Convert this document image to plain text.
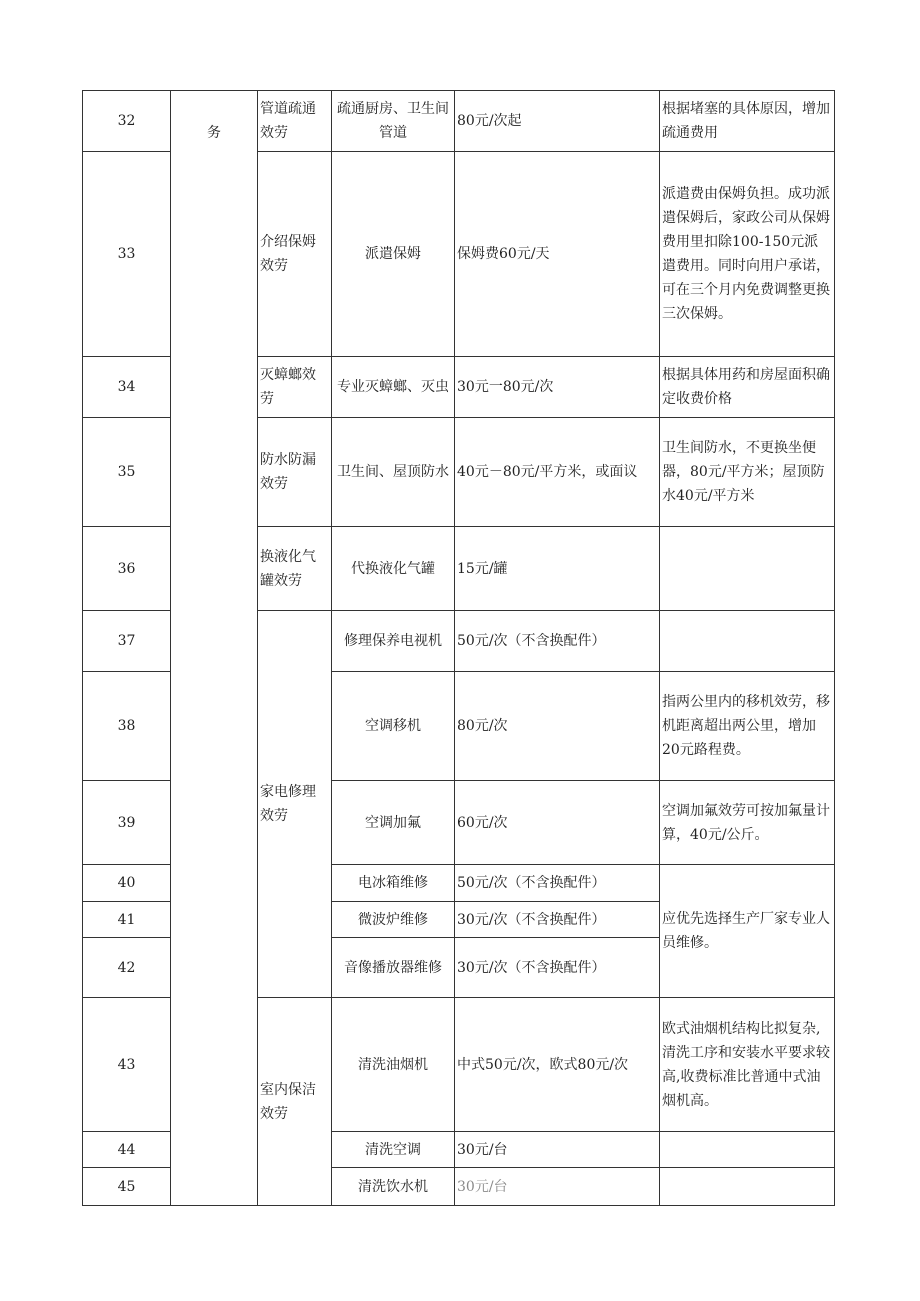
32	务	管道疏通效劳	疏通厨房、卫生间管道	80元/次起	根据堵塞的具体原因，增加疏通费用
33		介绍保姆效劳	派遣保姆	保姆费60元/天	派遣费由保姆负担。成功派遣保姆后，家政公司从保姆费用里扣除100-150元派遣费用。同时向用户承诺，可在三个月内免费调整更换三次保姆。
34		灭蟑螂效劳	专业灭蟑螂、灭虫	30元一80元/次	根据具体用药和房屋面积确定收费价格
35		防水防漏效劳	卫生间、屋顶防水	40元－80元/平方米，或面议	卫生间防水，不更换坐便器，80元/平方米；屋顶防水40元/平方米
36		换液化气罐效劳	代换液化气罐	15元/罐	
37		家电修理效劳	修理保养电视机	50元/次（不含换配件）	
38			空调移机	80元/次	指两公里内的移机效劳，移机距离超出两公里，增加20元路程费。
39			空调加氟	60元/次	空调加氟效劳可按加氟量计算，40元/公斤。
40			电冰箱维修	50元/次（不含换配件）	应优先选择生产厂家专业人员维修。
41			微波炉维修	30元/次（不含换配件）	
42			音像播放器维修	30元/次（不含换配件）	
43		室内保洁效劳	清洗油烟机	中式50元/次，欧式80元/次	欧式油烟机结构比拟复杂,清洗工序和安装水平要求较高,收费标准比普通中式油烟机高。
44			清洗空调	30元/台	
45			清洗饮水机	30元/台	
